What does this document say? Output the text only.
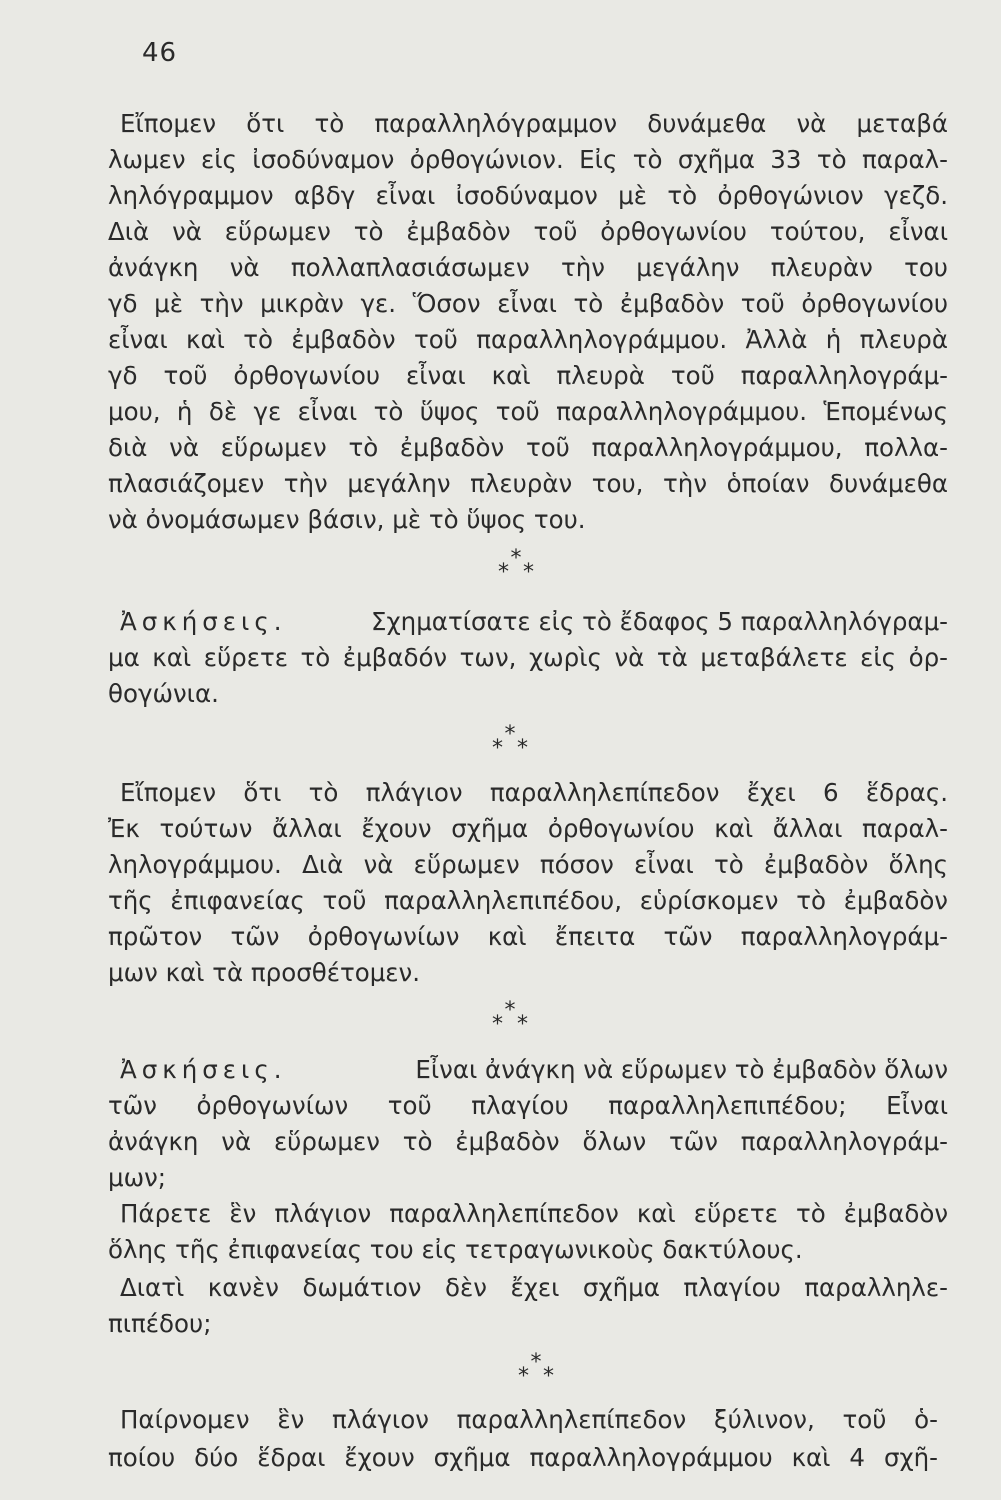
46
Εἴπομεν ὅτι τὸ παραλληλόγραμμον δυνάμεθα νὰ μεταβά
λωμεν εἰς ἰσοδύναμον ὀρθογώνιον. Εἰς τὸ σχῆμα 33 τὸ παραλ-
ληλόγραμμον αβδγ εἶναι ἰσοδύναμον μὲ τὸ ὀρθογώνιον γεζδ.
Διὰ νὰ εὕρωμεν τὸ ἐμβαδὸν τοῦ ὀρθογωνίου τούτου, εἶναι
ἀνάγκη νὰ πολλαπλασιάσωμεν τὴν μεγάλην πλευρὰν του
γδ μὲ τὴν μικρὰν γε. Ὅσον εἶναι τὸ ἐμβαδὸν τοῦ ὀρθογωνίου
εἶναι καὶ τὸ ἐμβαδὸν τοῦ παραλληλογράμμου. Ἀλλὰ ἡ πλευρὰ
γδ τοῦ ὀρθογωνίου εἶναι καὶ πλευρὰ τοῦ παραλληλογράμ-
μου, ἡ δὲ γε εἶναι τὸ ὕψος τοῦ παραλληλογράμμου. Ἑπομένως
διὰ νὰ εὕρωμεν τὸ ἐμβαδὸν τοῦ παραλληλογράμμου, πολλα-
πλασιάζομεν τὴν μεγάλην πλευρὰν του, τὴν ὁποίαν δυνάμεθα
νὰ ὀνομάσωμεν βάσιν, μὲ τὸ ὕψος του.
*
* *
Ἀσκήσεις.	Σχηματίσατε εἰς τὸ ἔδαφος 5 παραλληλόγραμ-
μα καὶ εὕρετε τὸ ἐμβαδόν των, χωρὶς νὰ τὰ μεταβάλετε εἰς ὀρ-
θογώνια.
*
* *
Εἴπομεν ὅτι τὸ πλάγιον παραλληλεπίπεδον ἔχει 6 ἕδρας.
Ἐκ τούτων ἄλλαι ἔχουν σχῆμα ὀρθογωνίου καὶ ἄλλαι παραλ-
ληλογράμμου. Διὰ νὰ εὕρωμεν πόσον εἶναι τὸ ἐμβαδὸν ὅλης
τῆς ἐπιφανείας τοῦ παραλληλεπιπέδου, εὑρίσκομεν τὸ ἐμβαδὸν
πρῶτον τῶν ὀρθογωνίων καὶ ἔπειτα τῶν παραλληλογράμ-
μων καὶ τὰ προσθέτομεν.
*
* *
Ἀσκήσεις.	Εἶναι ἀνάγκη νὰ εὕρωμεν τὸ ἐμβαδὸν ὅλων
τῶν ὀρθογωνίων τοῦ πλαγίου παραλληλεπιπέδου; Εἶναι
ἀνάγκη νὰ εὕρωμεν τὸ ἐμβαδὸν ὅλων τῶν παραλληλογράμ-
μων;
Πάρετε ἓν πλάγιον παραλληλεπίπεδον καὶ εὕρετε τὸ ἐμβαδὸν
ὅλης τῆς ἐπιφανείας του εἰς τετραγωνικοὺς δακτύλους.
Διατὶ κανὲν δωμάτιον δὲν ἔχει σχῆμα πλαγίου παραλληλε-
πιπέδου;
*
* *
Παίρνομεν ἓν πλάγιον παραλληλεπίπεδον ξύλινον, τοῦ ὁ-
ποίου δύο ἕδραι ἔχουν σχῆμα παραλληλογράμμου καὶ 4 σχῆ-
